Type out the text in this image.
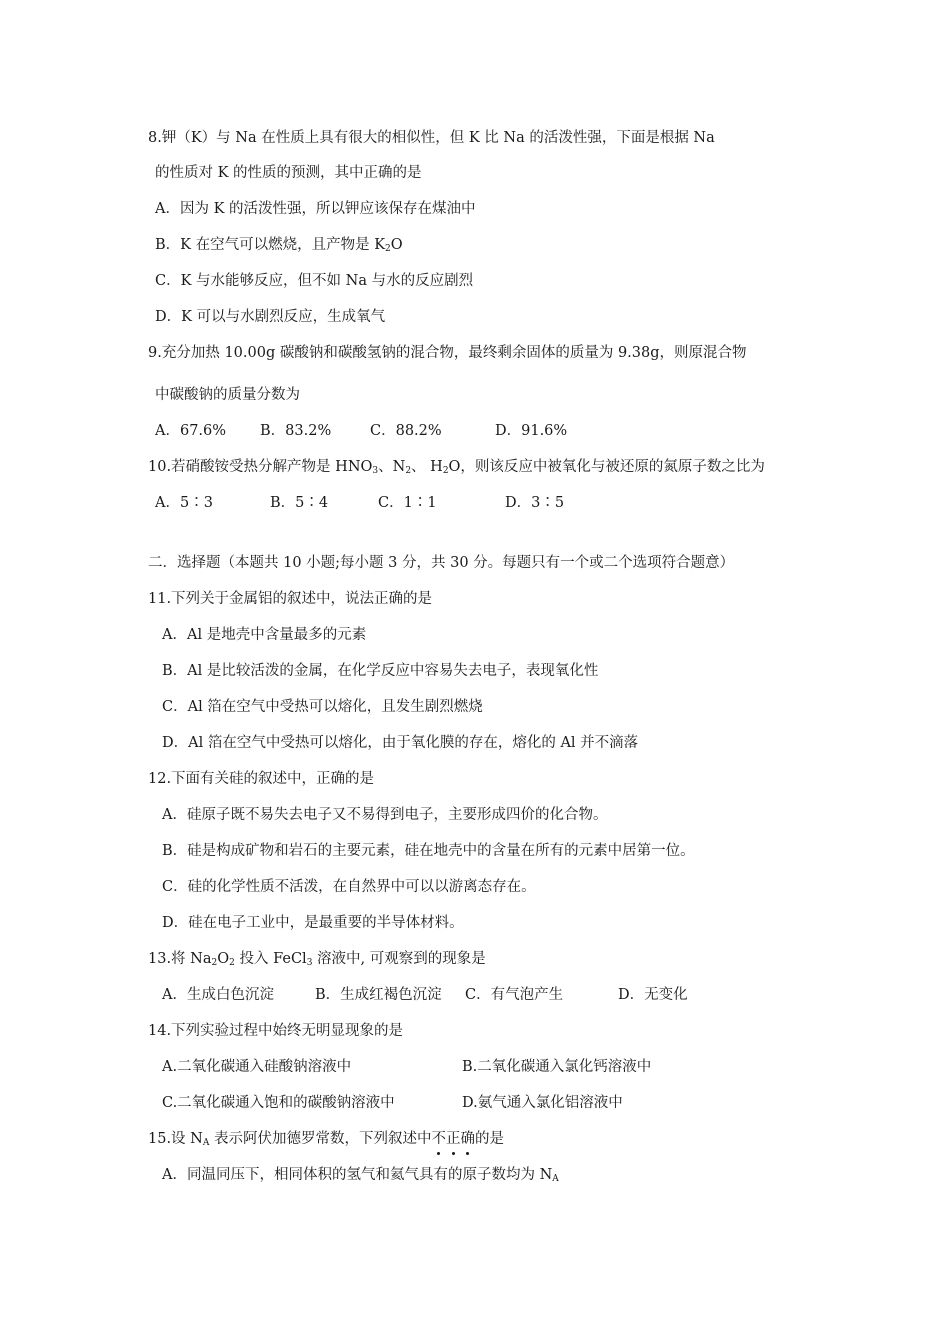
8.钾（K）与 Na 在性质上具有很大的相似性，但 K 比 Na 的活泼性强，下面是根据 Na
的性质对 K 的性质的预测，其中正确的是
A．因为 K 的活泼性强，所以钾应该保存在煤油中
B．K 在空气可以燃烧，且产物是 $K_2O$
C．K 与水能够反应，但不如 Na 与水的反应剧烈
D．K 可以与水剧烈反应，生成氧气
9.充分加热 10.00g 碳酸钠和碳酸氢钠的混合物，最终剩余固体的质量为 9.38g，则原混合物
中碳酸钠的质量分数为
A．67.6% B．83.2%	C．88.2%	D．91.6%
10.若硝酸铵受热分解产物是 $HNO_3$、$N_2$、 $H_2O$，则该反应中被氧化与被还原的氮原子数之比为
A．5∶3	B．5∶4	C．1∶1	D．3∶5
二．选择题（本题共 10 小题;每小题 3 分，共 30 分。每题只有一个或二个选项符合题意）
11.下列关于金属铝的叙述中，说法正确的是
A．Al 是地壳中含量最多的元素
B．Al 是比较活泼的金属，在化学反应中容易失去电子，表现氧化性
C．Al 箔在空气中受热可以熔化，且发生剧烈燃烧
D．Al 箔在空气中受热可以熔化，由于氧化膜的存在，熔化的 Al 并不滴落
12.下面有关硅的叙述中，正确的是
A．硅原子既不易失去电子又不易得到电子，主要形成四价的化合物。
B．硅是构成矿物和岩石的主要元素，硅在地壳中的含量在所有的元素中居第一位。
C．硅的化学性质不活泼，在自然界中可以以游离态存在。
D．硅在电子工业中，是最重要的半导体材料。
13.将 $Na_2O_2$ 投入 FeCl$_3$ 溶液中, 可观察到的现象是
A．生成白色沉淀	B．生成红褐色沉淀 C．有气泡产生	D．无变化
14.下列实验过程中始终无明显现象的是
A.二氧化碳通入硅酸钠溶液中	B.二氧化碳通入氯化钙溶液中
C.二氧化碳通入饱和的碳酸钠溶液中	D.氨气通入氯化铝溶液中
15.设 $N_A$ 表示阿伏加德罗常数，下列叙述中不正确
的是
A．同温同压下，相同体积的氢气和氦气具有的原子数均为 $N_A$
